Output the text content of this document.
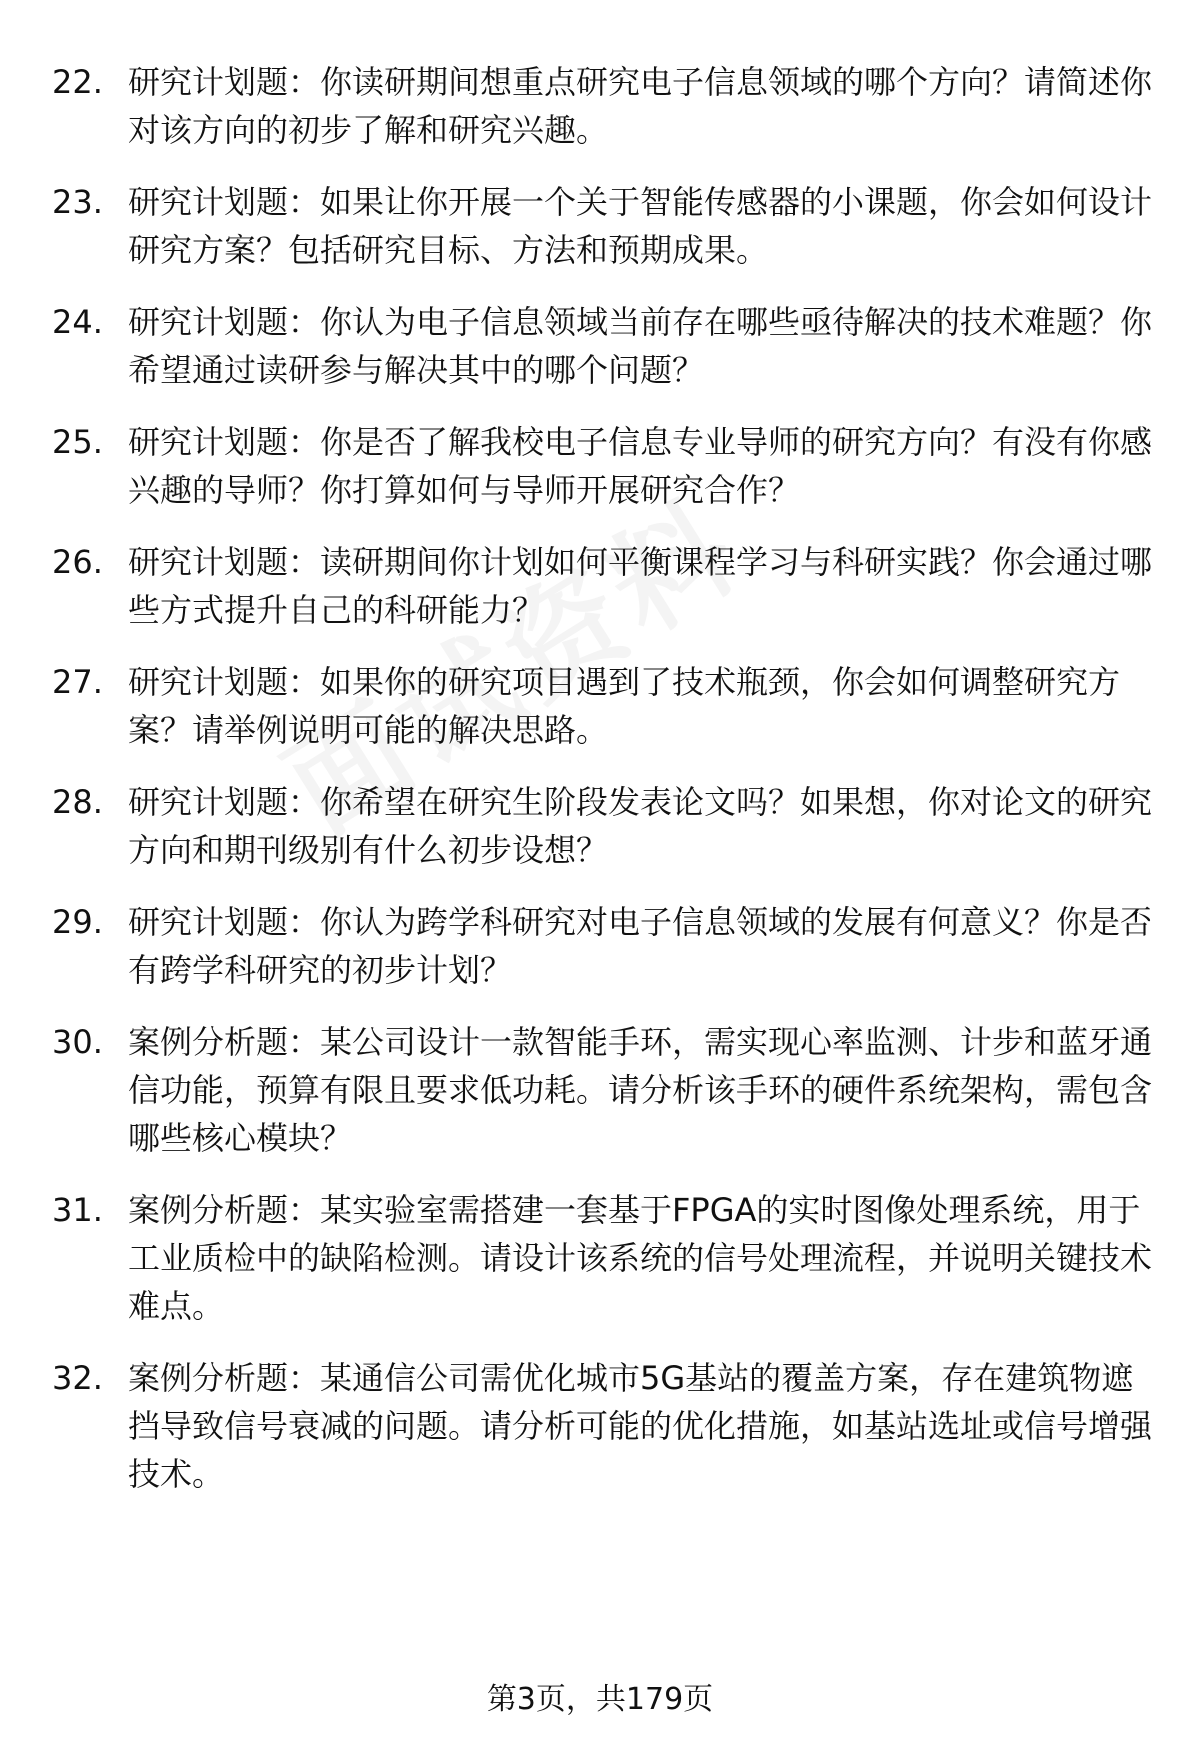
22. 研究计划题：你读研期间想重点研究电子信息领域的哪个方向？请简述你对该方向的初步了解和研究兴趣。

23. 研究计划题：如果让你开展一个关于智能传感器的小课题，你会如何设计研究方案？包括研究目标、方法和预期成果。

24. 研究计划题：你认为电子信息领域当前存在哪些亟待解决的技术难题？你希望通过读研参与解决其中的哪个问题？

25. 研究计划题：你是否了解我校电子信息专业导师的研究方向？有没有你感兴趣的导师？你打算如何与导师开展研究合作？

26. 研究计划题：读研期间你计划如何平衡课程学习与科研实践？你会通过哪些方式提升自己的科研能力？

27. 研究计划题：如果你的研究项目遇到了技术瓶颈，你会如何调整研究方案？请举例说明可能的解决思路。

28. 研究计划题：你希望在研究生阶段发表论文吗？如果想，你对论文的研究方向和期刊级别有什么初步设想？

29. 研究计划题：你认为跨学科研究对电子信息领域的发展有何意义？你是否有跨学科研究的初步计划？

30. 案例分析题：某公司设计一款智能手环，需实现心率监测、计步和蓝牙通信功能，预算有限且要求低功耗。请分析该手环的硬件系统架构，需包含哪些核心模块？

31. 案例分析题：某实验室需搭建一套基于FPGA的实时图像处理系统，用于工业质检中的缺陷检测。请设计该系统的信号处理流程，并说明关键技术难点。

32. 案例分析题：某通信公司需优化城市5G基站的覆盖方案，存在建筑物遮挡导致信号衰减的问题。请分析可能的优化措施，如基站选址或信号增强技术。

第3页，共179页
